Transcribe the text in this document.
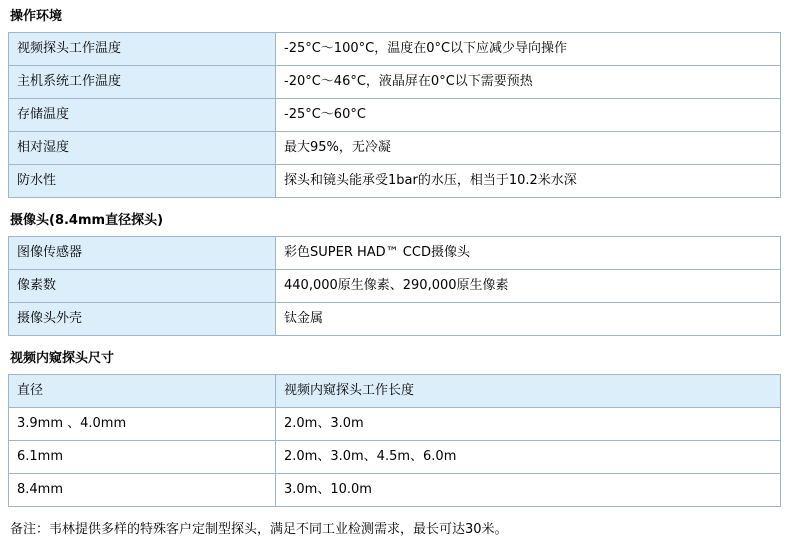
操作环境
视频探头工作温度	-25°C～100°C，温度在0°C以下应减少导向操作
主机系统工作温度	-20°C～46°C，液晶屏在0°C以下需要预热
存储温度	-25°C～60°C
相对湿度	最大95%，无冷凝
防水性	探头和镜头能承受1bar的水压，相当于10.2米水深
摄像头(8.4mm直径探头)
图像传感器	彩色SUPER HAD™ CCD摄像头
像素数	440,000原生像素、290,000原生像素
摄像头外壳	钛金属
视频内窥探头尺寸
直径	视频内窥探头工作长度
3.9mm 、4.0mm	2.0m、3.0m
6.1mm	2.0m、3.0m、4.5m、6.0m
8.4mm	3.0m、10.0m
备注：韦林提供多样的特殊客户定制型探头，满足不同工业检测需求，最长可达30米。
